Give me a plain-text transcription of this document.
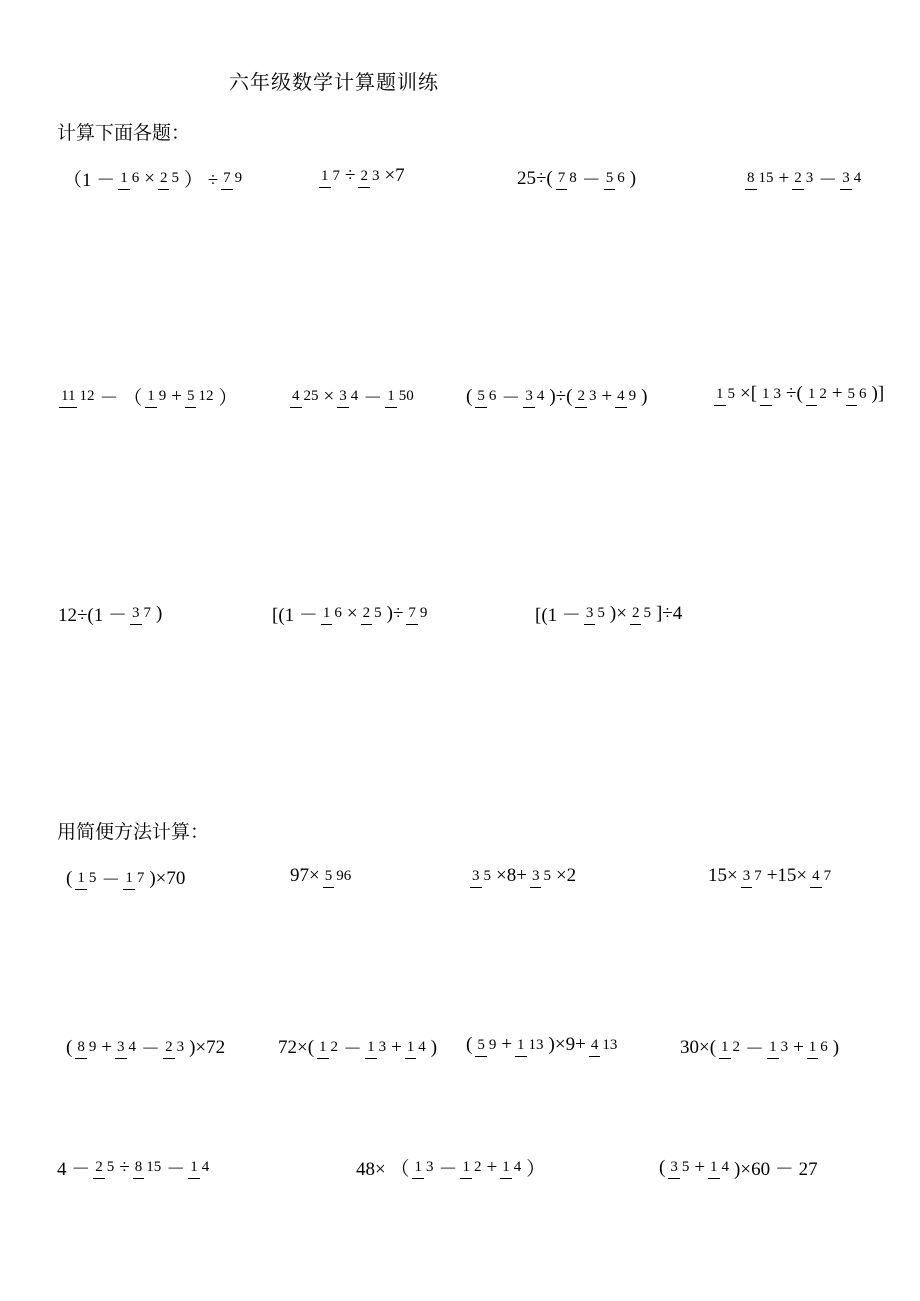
六年级数学计算题训练
计算下面各题：
用简便方法计算：
（1 － 1 6 × 2 5 ） ÷ 7 9	1 7 ÷ 2 3 ×7	25÷( 7 8 － 5 6 )	8 15 + 2 3 － 3 4
11 12 － （ 1 9 + 5 12 ）	4 25 × 3 4 － 1 50	( 5 6 － 3 4 )÷( 2 3 + 4 9 )	1 5 ×[ 1 3 ÷( 1 2 + 5 6 )]
12÷(1 － 3 7 )	[(1 － 1 6 × 2 5 )÷ 7 9	[(1 － 3 5 )× 2 5 ]÷4
( 1 5 － 1 7 )×70	97× 5 96	3 5 ×8+ 3 5 ×2	15× 3 7 +15× 4 7
( 8 9 + 3 4 － 2 3 )×72	72×( 1 2 － 1 3 + 1 4 ) ( 5 9 + 1 13 )×9+ 4 13	30×( 1 2 － 1 3 + 1 6 )
4 － 2 5 ÷ 8 15 － 1 4	48× （ 1 3 － 1 2 + 1 4 ）	( 3 5 + 1 4 )×60 － 27
